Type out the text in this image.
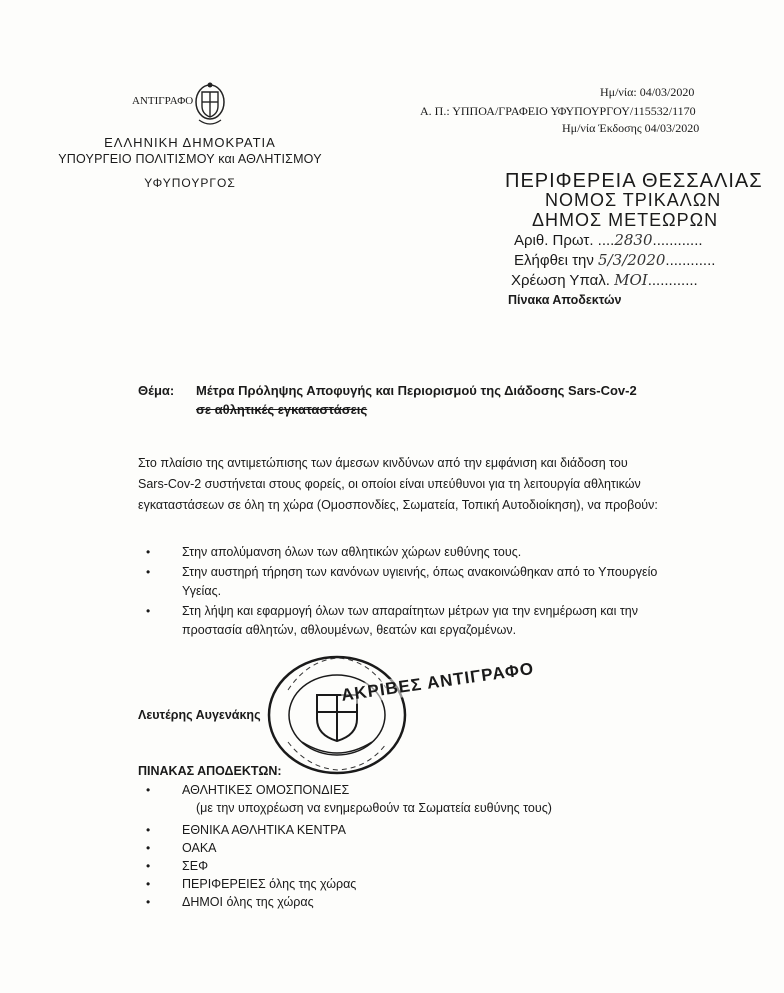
ΑΝΤΙΓΡΑΦΟ
ΕΛΛΗΝΙΚΗ ΔΗΜΟΚΡΑΤΙΑ
ΥΠΟΥΡΓΕΙΟ ΠΟΛΙΤΙΣΜΟΥ και ΑΘΛΗΤΙΣΜΟΥ
ΥΦΥΠΟΥΡΓΟΣ
Ημ/νία: 04/03/2020
Α. Π.: ΥΠΠΟΑ/ΓΡΑΦΕΙΟ ΥΦΥΠΟΥΡΓΟΥ/115532/1170
Ημ/νία Έκδοσης 04/03/2020
ΠΕΡΙΦΕΡΕΙΑ ΘΕΣΣΑΛΙΑΣ
ΝΟΜΟΣ ΤΡΙΚΑΛΩΝ
ΔΗΜΟΣ ΜΕΤΕΩΡΩΝ
Αριθ. Πρωτ. ....2830............
Ελήφθει την 5/3/2020............
Χρέωση Υπαλ. ΜΟΙ............
Πίνακα Αποδεκτών
Θέμα: Μέτρα Πρόληψης Αποφυγής και Περιορισμού της Διάδοσης Sars-Cov-2
σε αθλητικές εγκαταστάσεις
Στο πλαίσιο της αντιμετώπισης των άμεσων κινδύνων από την εμφάνιση και διάδοση του Sars-Cov-2 συστήνεται στους φορείς, οι οποίοι είναι υπεύθυνοι για τη λειτουργία αθλητικών εγκαταστάσεων σε όλη τη χώρα (Ομοσπονδίες, Σωματεία, Τοπική Αυτοδιοίκηση), να προβούν:
•	Στην απολύμανση όλων των αθλητικών χώρων ευθύνης τους.
•	Στην αυστηρή τήρηση των κανόνων υγιεινής, όπως ανακοινώθηκαν από το Υπουργείο Υγείας.
•	Στη λήψη και εφαρμογή όλων των απαραίτητων μέτρων για την ενημέρωση και την προστασία αθλητών, αθλουμένων, θεατών και εργαζομένων.
Λευτέρης Αυγενάκης
ΑΚΡΙΒΕΣ ΑΝΤΙΓΡΑΦΟ
ΠΙΝΑΚΑΣ ΑΠΟΔΕΚΤΩΝ:
•	ΑΘΛΗΤΙΚΕΣ ΟΜΟΣΠΟΝΔΙΕΣ
(με την υποχρέωση να ενημερωθούν τα Σωματεία ευθύνης τους)
•	ΕΘΝΙΚΑ ΑΘΛΗΤΙΚΑ ΚΕΝΤΡΑ
•	ΟΑΚΑ
•	ΣΕΦ
•	ΠΕΡΙΦΕΡΕΙΕΣ όλης της χώρας
•	ΔΗΜΟΙ όλης της χώρας
